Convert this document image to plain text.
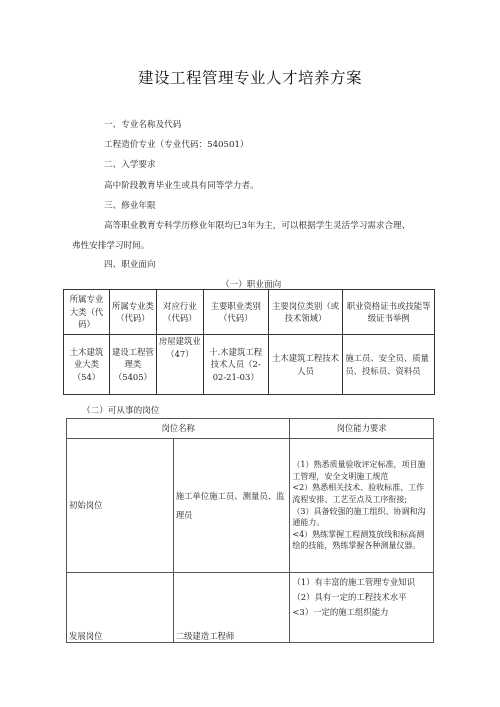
建设工程管理专业人才培养方案
一、专业名称及代码
工程造价专业（专业代码：540501）
二、入学要求
高中阶段教育毕业生或具有同等学力者。
三、修业年限
高等职业教育专科学历修业年限均已3年为主，可以根据学生灵活学习需求合理、
弗性安排学习时间。
四、职业面向
（一）职业面向
所属专业大类（代码）	所属专业类（代码）	对应行业（代码）	主要职业类别（代码）	主要岗位类别（或技术领域）	职业资格证书或技能等级证书举例
土木建筑业大类（54）	建设工程管理类（5405）	房屋建筑业（47）	十.木建筑工程技术人员（2-02-21-03）	土木建筑工程技术人员	施工员、安全员、质量员、投标员、资料员
（二）可从事的岗位
岗位名称		岗位能力要求
初始岗位	施工单位施工员、测量员、监理员	（1）熟悉质量验收评定标准，项目施工管理，安全文明施工规范
<2）熟悉相关技术、验收标准、工作流程安排、工艺至点及工序衔接;
（3）具备较强的施工组织、协调和沟通能力。
<4）熟练掌握工程测笈放线和标高测绘的技能，熟练掌握各种测量仪器。

发展岗位	二级建造工程师	（1）有丰富的施工管理专业知识
（2）具有一定的工程技术水平
<3）一定的施工组织能力
